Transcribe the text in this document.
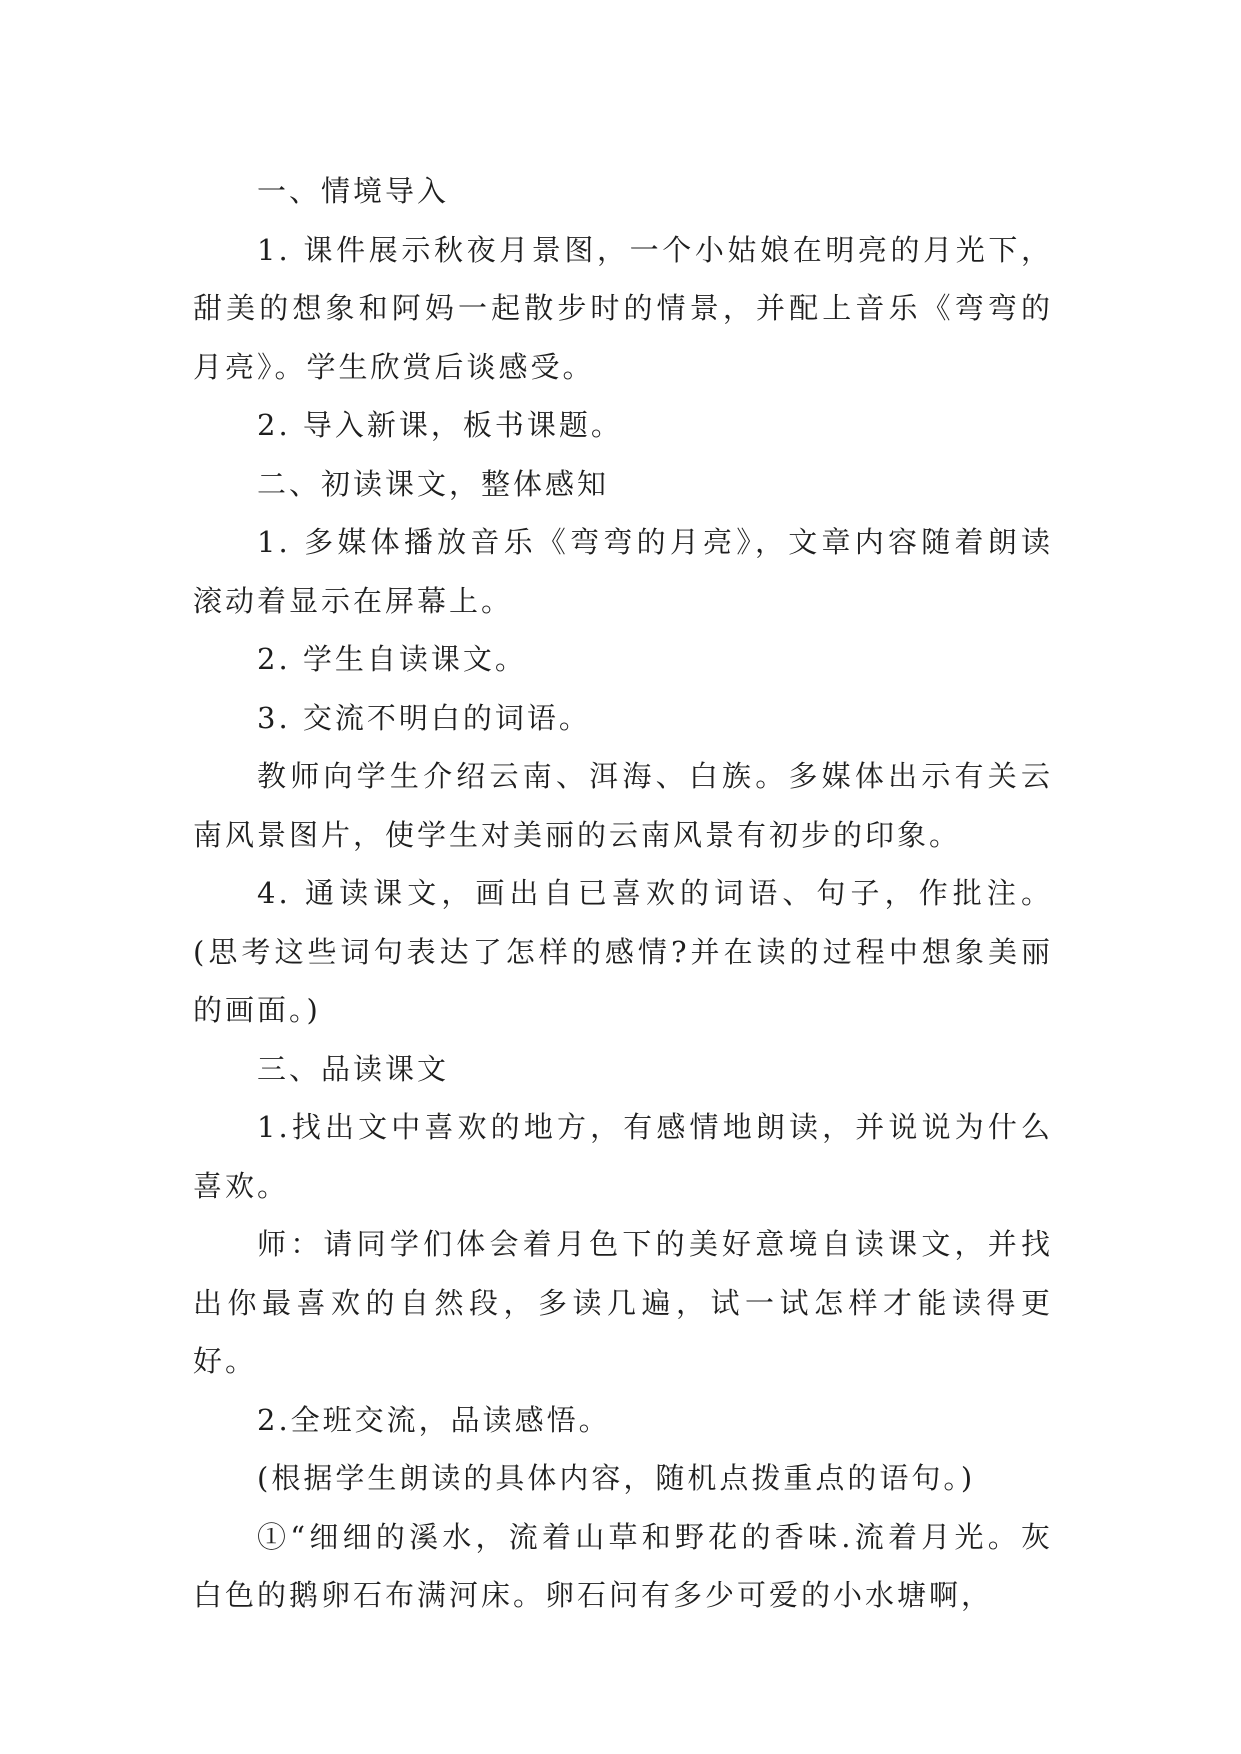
一、情境导入

1. 课件展示秋夜月景图，一个小姑娘在明亮的月光下，甜美的想象和阿妈一起散步时的情景，并配上音乐《弯弯的月亮》。学生欣赏后谈感受。

2. 导入新课，板书课题。

二、初读课文，整体感知

1. 多媒体播放音乐《弯弯的月亮》，文章内容随着朗读滚动着显示在屏幕上。

2. 学生自读课文。

3. 交流不明白的词语。

教师向学生介绍云南、洱海、白族。多媒体出示有关云南风景图片，使学生对美丽的云南风景有初步的印象。

4. 通读课文，画出自已喜欢的词语、句子，作批注。(思考这些词句表达了怎样的感情?并在读的过程中想象美丽的画面。)

三、品读课文

1.找出文中喜欢的地方，有感情地朗读，并说说为什么喜欢。

师：请同学们体会着月色下的美好意境自读课文，并找出你最喜欢的自然段，多读几遍，试一试怎样才能读得更好。

2.全班交流，品读感悟。

(根据学生朗读的具体内容，随机点拨重点的语句。)

①“细细的溪水，流着山草和野花的香味.流着月光。灰白色的鹅卵石布满河床。卵石问有多少可爱的小水塘啊，
